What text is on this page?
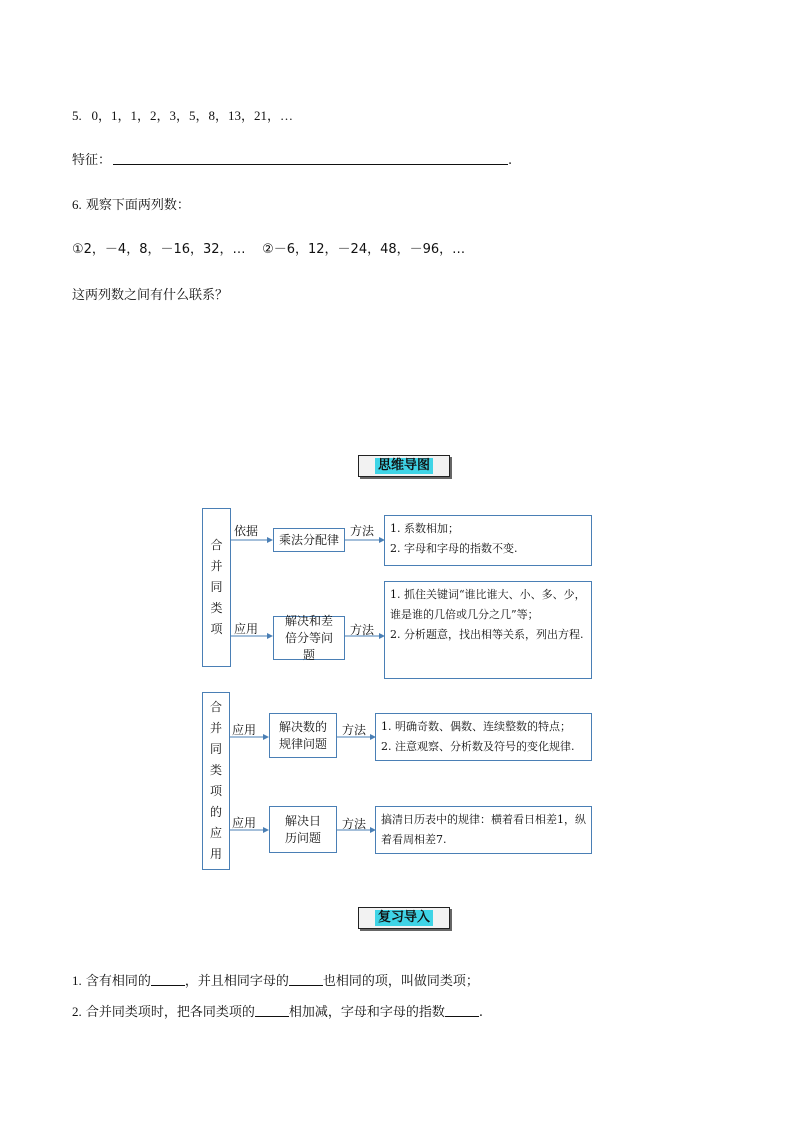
5. 0，1，1，2，3，5，8，13，21，…
特征：	.
6. 观察下面两列数：
①2，－4，8，－16，32，… ②－6，12，－24，48，－96，…
这两列数之间有什么联系？
思维导图
合
并
同
类
项
依据
乘法分配律
方法 1. 系数相加；
2. 字母和字母的指数不变.
应用
解决和差倍分等问题
方法
1. 抓住关键词“谁比谁大、小、多、少，谁是谁的几倍或几分之几”等；
2. 分析题意，找出相等关系，列出方程.
合
并
同
类
项
的
应
用
应用	解决数的规律问题
方法 1. 明确奇数、偶数、连续整数的特点；
2. 注意观察、分析数及符号的变化规律.
应用	解决日历问题
方法 搞清日历表中的规律：横着看日相差1，纵着看周相差7.
复习导入
1. 含有相同的	，并且相同字母的	也相同的项，叫做同类项；
2. 合并同类项时，把各同类项的	相加减，字母和字母的指数	.
